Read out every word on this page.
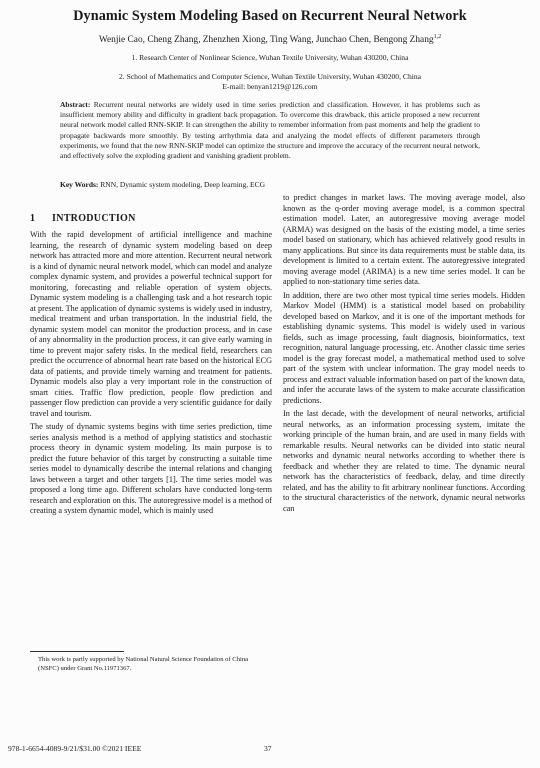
Dynamic System Modeling Based on Recurrent Neural Network
Wenjie Cao, Cheng Zhang, Zhenzhen Xiong, Ting Wang, Junchao Chen, Bengong Zhang$^{1,2}$
1. Research Center of Nonlinear Science, Wuhan Textile University, Wuhan 430200, China
2. School of Mathematics and Computer Science, Wuhan Textile University, Wuhan 430200, China
E-mail: benyan1219@126.com
Abstract: Recurrent neural networks are widely used in time series prediction and classification. However, it has problems such as insufficient memory ability and difficulty in gradient back propagation. To overcome this drawback, this article proposed a new recurrent neural network model called RNN-SKIP. It can strengthen the ability to remember information from past moments and help the gradient to propagate backwards more smoothly. By testing arrhythmia data and analyzing the model effects of different parameters through experiments, we found that the new RNN-SKIP model can optimize the structure and improve the accuracy of the recurrent neural network, and effectively solve the exploding gradient and vanishing gradient problem.
Key Words: RNN, Dynamic system modeling, Deep learning, ECG
1 INTRODUCTION

With the rapid development of artificial intelligence and machine learning, the research of dynamic system modeling based on deep network has attracted more and more attention. Recurrent neural network is a kind of dynamic neural network model, which can model and analyze complex dynamic system, and provides a powerful technical support for monitoring, forecasting and reliable operation of system objects. Dynamic system modeling is a challenging task and a hot research topic at present. The application of dynamic systems is widely used in industry, medical treatment and urban transportation. In the industrial field, the dynamic system model can monitor the production process, and in case of any abnormality in the production process, it can give early warning in time to prevent major safety risks. In the medical field, researchers can predict the occurrence of abnormal heart rate based on the historical ECG data of patients, and provide timely warning and treatment for patients. Dynamic models also play a very important role in the construction of smart cities. Traffic flow prediction, people flow prediction and passenger flow prediction can provide a very scientific guidance for daily travel and tourism.

The study of dynamic systems begins with time series prediction, time series analysis method is a method of applying statistics and stochastic process theory in dynamic system modeling. Its main purpose is to predict the future behavior of this target by constructing a suitable time series model to dynamically describe the internal relations and changing laws between a target and other targets [1]. The time series model was proposed a long time ago. Different scholars have conducted long-term research and exploration on this. The autoregressive model is a method of creating a system dynamic model, which is mainly used

to predict changes in market laws. The moving average model, also known as the q-order moving average model, is a common spectral estimation model. Later, an autoregressive moving average model (ARMA) was designed on the basis of the existing model, a time series model based on stationary, which has achieved relatively good results in many applications. But since its data requirements must be stable data, its development is limited to a certain extent. The autoregressive integrated moving average model (ARIMA) is a new time series model. It can be applied to non-stationary time series data.

In addition, there are two other most typical time series models. Hidden Markov Model (HMM) is a statistical model based on probability developed based on Markov, and it is one of the important methods for establishing dynamic systems. This model is widely used in various fields, such as image processing, fault diagnosis, bioinformatics, text recognition, natural language processing, etc. Another classic time series model is the gray forecast model, a mathematical method used to solve part of the system with unclear information. The gray model needs to process and extract valuable information based on part of the known data, and infer the accurate laws of the system to make accurate classification predictions.

In the last decade, with the development of neural networks, artificial neural networks, as an information processing system, imitate the working principle of the human brain, and are used in many fields with remarkable results. Neural networks can be divided into static neural networks and dynamic neural networks according to whether there is feedback and whether they are related to time. The dynamic neural network has the characteristics of feedback, delay, and time directly related, and has the ability to fit arbitrary nonlinear functions. According to the structural characteristics of the network, dynamic neural networks can

This work is partly supported by National Natural Science Foundation of China (NSFC) under Grant No.11971367.
978-1-6654-4089-9/21/$31.00 ©2021 IEEE	37
